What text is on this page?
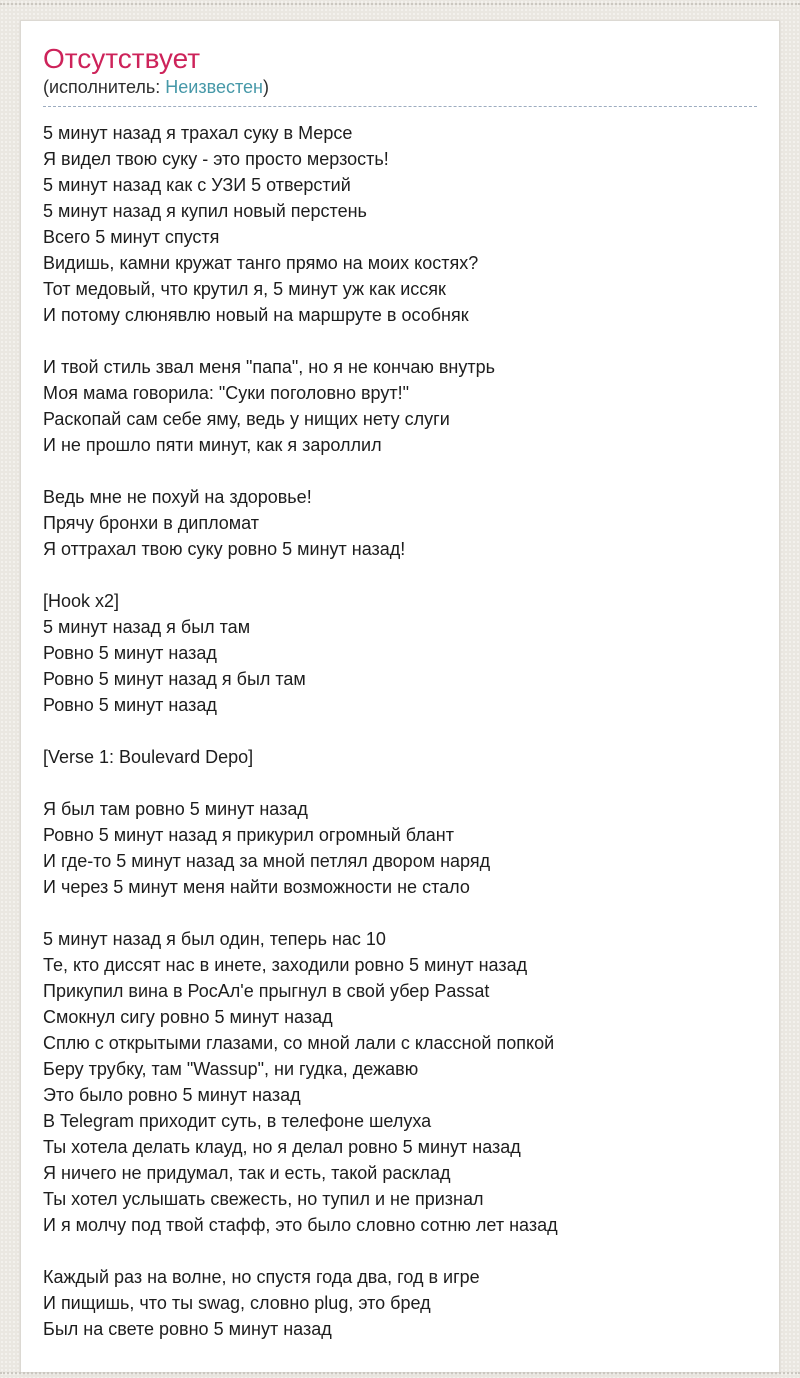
Отсутствует
(исполнитель: Неизвестен)
5 минут назад я трахал суку в Мерсе
Я видел твою суку - это просто мерзость!
5 минут назад как с УЗИ 5 отверстий
5 минут назад я купил новый перстень
Всего 5 минут спустя
Видишь, камни кружат танго прямо на моих костях?
Тот медовый, что крутил я, 5 минут уж как иссяк
И потому слюнявлю новый на маршруте в особняк
И твой стиль звал меня "папа", но я не кончаю внутрь
Моя мама говорила: "Суки поголовно врут!"
Раскопай сам себе яму, ведь у нищих нету слуги
И не прошло пяти минут, как я зароллил
Ведь мне не похуй на здоровье!
Прячу бронхи в дипломат
Я оттрахал твою суку ровно 5 минут назад!
[Hook x2]
5 минут назад я был там
Ровно 5 минут назад
Ровно 5 минут назад я был там
Ровно 5 минут назад
[Verse 1: Boulevard Depo]
Я был там ровно 5 минут назад
Ровно 5 минут назад я прикурил огромный блант
И где-то 5 минут назад за мной петлял двором наряд
И через 5 минут меня найти возможности не стало
5 минут назад я был один, теперь нас 10
Те, кто диссят нас в инете, заходили ровно 5 минут назад
Прикупил вина в РосАл'е прыгнул в свой убер Passat
Смокнул сигу ровно 5 минут назад
Сплю с открытыми глазами, со мной лали с классной попкой
Беру трубку, там "Wassup", ни гудка, дежавю
Это было ровно 5 минут назад
В Telegram приходит суть, в телефоне шелуха
Ты хотела делать клауд, но я делал ровно 5 минут назад
Я ничего не придумал, так и есть, такой расклад
Ты хотел услышать свежесть, но тупил и не признал
И я молчу под твой стафф, это было словно сотню лет назад
Каждый раз на волне, но спустя года два, год в игре
И пищишь, что ты swag, словно plug, это бред
Был на свете ровно 5 минут назад
